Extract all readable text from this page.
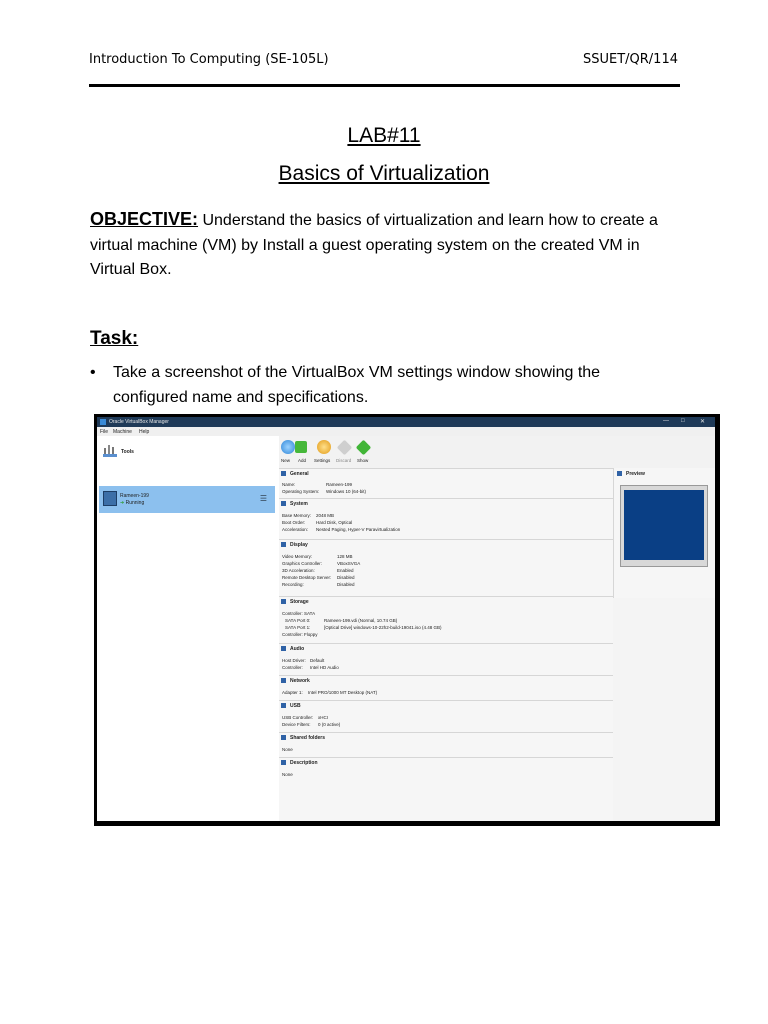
Introduction To Computing (SE-105L)	SSUET/QR/114
LAB#11
Basics of Virtualization
OBJECTIVE: Understand the basics of virtualization and learn how to create a virtual machine (VM) by Install a guest operating system on the created VM in Virtual Box.
Task:
• Take a screenshot of the VirtualBox VM settings window showing the configured name and specifications.
Oracle VirtualBox Manager	— □	✕
File Machine Help
Tools
Rameen-199
➜ Running	☰
New Add Settings Discard Show
General
Name:	Rameen-199
Operating System: Windows 10 (64-bit)
System
Base Memory: 2048 MB
Boot Order: Hard Disk, Optical
Acceleration: Nested Paging, Hyper-V Paravirtualization
Display
Video Memory:	128 MB
Graphics Controller:	VBoxSVGA
3D Acceleration:	Enabled
Remote Desktop Server: Disabled
Recording:	Disabled
Storage
Controller: SATA
SATA Port 0:	Rameen-199.vdi (Normal, 10.74 GB)
SATA Port 1:	[Optical Drive] windows-10-22h2-build-19041.iso (4.48 GB)
Controller: Floppy
Audio
Host Driver: Default
Controller: Intel HD Audio
Network
Adapter 1: Intel PRO/1000 MT Desktop (NAT)
USB
USB Controller: xHCI
Device Filters: 0 (0 active)
Shared folders
None
Description
None
Preview
